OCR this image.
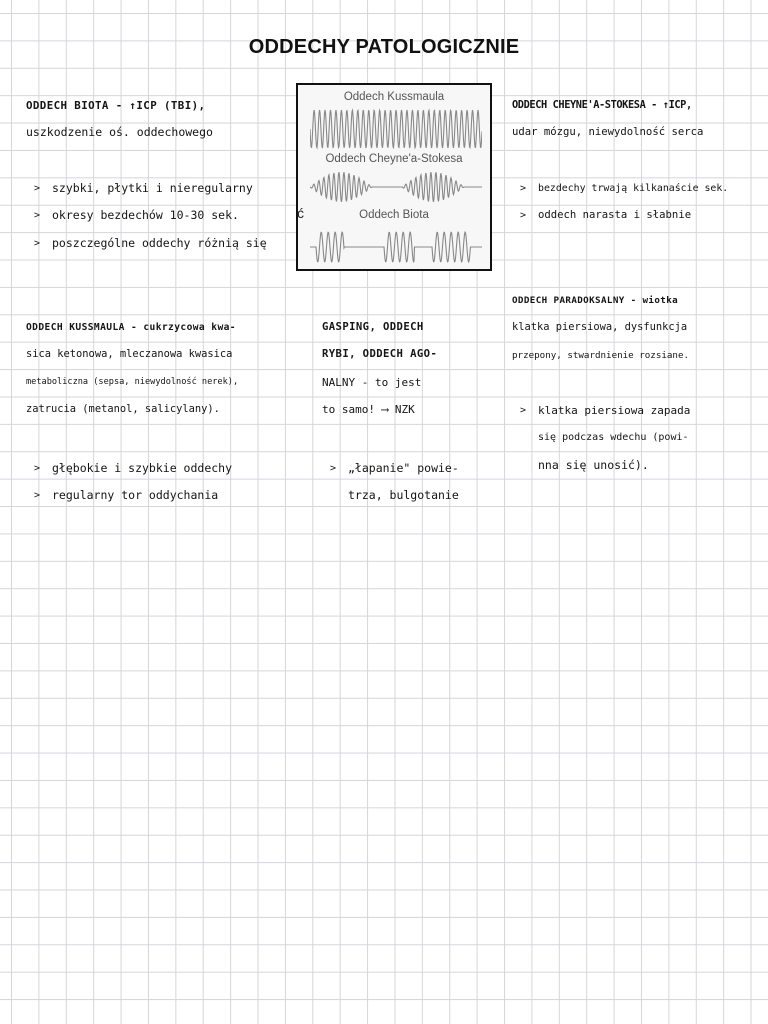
ODDECHY PATOLOGICZNIE
Oddech Kussmaula
Oddech Cheyne'a-Stokesa
Oddech Biota
ć
ODDECH BIOTA - ↑ICP (TBI),
uszkodzenie oś. oddechowego
> szybki, płytki i nieregularny
> okresy bezdechów 10-30 sek.
> poszczególne oddechy różnią się
ODDECH CHEYNE'A-STOKESA - ↑ICP,
udar mózgu, niewydolność serca
> bezdechy trwają kilkanaście sek.
> oddech narasta i słabnie
ODDECH KUSSMAULA - cukrzycowa kwa-
sica ketonowa, mleczanowa kwasica
metaboliczna (sepsa, niewydolność nerek),
zatrucia (metanol, salicylany).
> głębokie i szybkie oddechy
> regularny tor oddychania
GASPING, ODDECH
RYBI, ODDECH AGO-
NALNY - to jest
to samo! ⟶ NZK
> „łapanie" powie-
trza, bulgotanie
ODDECH PARADOKSALNY - wiotka
klatka piersiowa, dysfunkcja
przepony, stwardnienie rozsiane.
> klatka piersiowa zapada
się podczas wdechu (powi-
nna się unosić).
